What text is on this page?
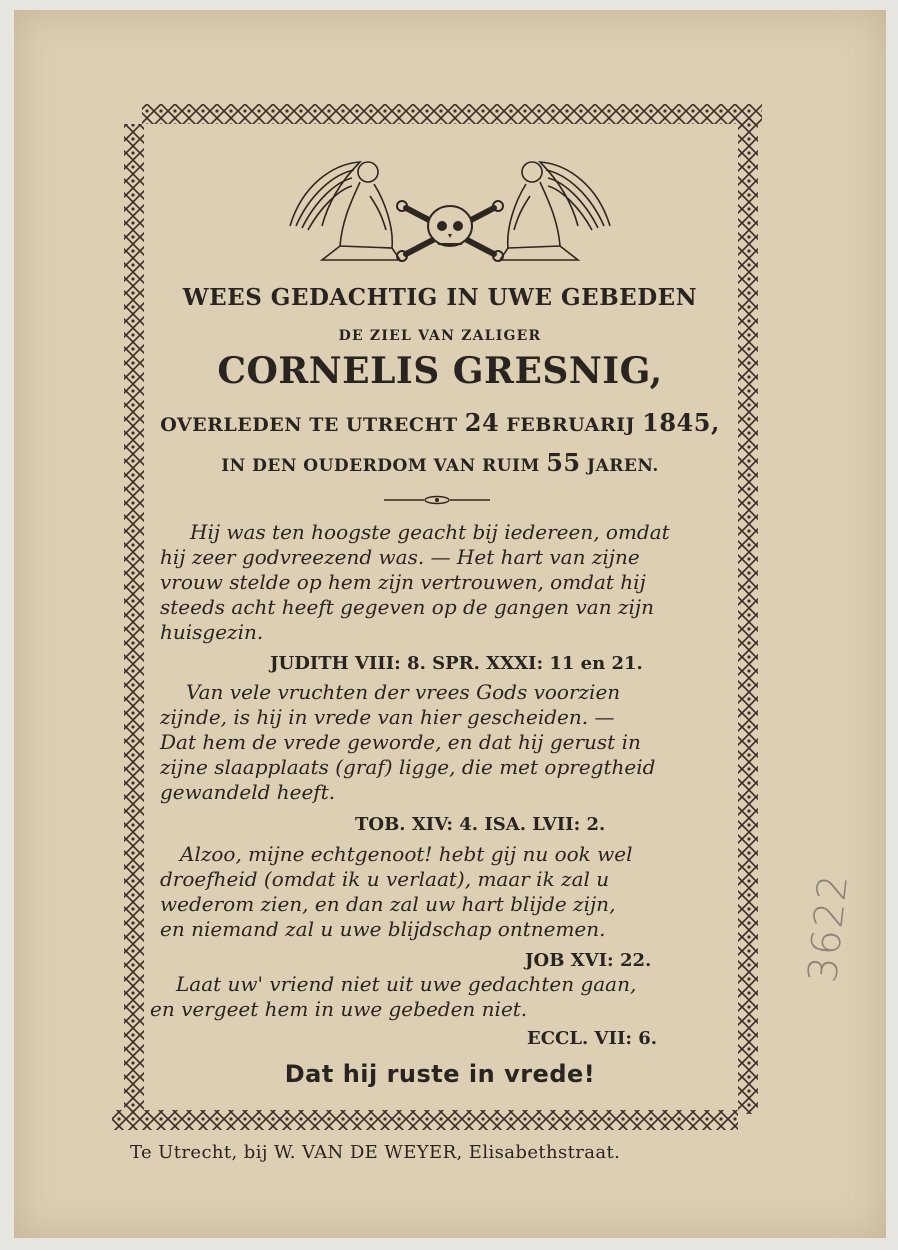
WEES GEDACHTIG IN UWE GEBEDEN
DE ZIEL VAN ZALIGER
CORNELIS GRESNIG,
OVERLEDEN TE UTRECHT 24 FEBRUARIJ 1845,
IN DEN OUDERDOM VAN RUIM 55 JAREN.
Hij was ten hoogste geacht bij iedereen, omdat
hij zeer godvreezend was. — Het hart van zijne
vrouw stelde op hem zijn vertrouwen, omdat hij
steeds acht heeft gegeven op de gangen van zijn
huisgezin.
JUDITH VIII: 8. SPR. XXXI: 11 en 21.
Van vele vruchten der vrees Gods voorzien
zijnde, is hij in vrede van hier gescheiden. —
Dat hem de vrede geworde, en dat hij gerust in
zijne slaapplaats (graf) ligge, die met opregtheid
gewandeld heeft.
TOB. XIV: 4. ISA. LVII: 2.
Alzoo, mijne echtgenoot! hebt gij nu ook wel
droefheid (omdat ik u verlaat), maar ik zal u
wederom zien, en dan zal uw hart blijde zijn,
en niemand zal u uwe blijdschap ontnemen.
JOB XVI: 22.
Laat uw' vriend niet uit uwe gedachten gaan,
en vergeet hem in uwe gebeden niet.
ECCL. VII: 6.
Dat hij ruste in vrede!
Te Utrecht, bij W. VAN DE WEYER, Elisabethstraat.
3622
